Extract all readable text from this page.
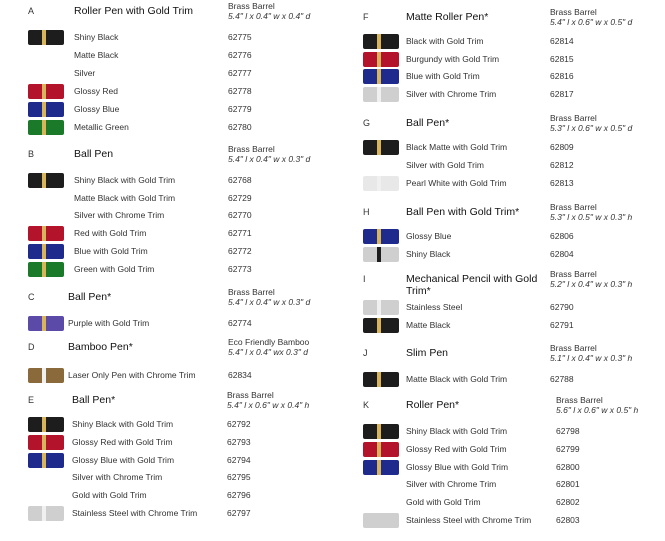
A	Roller Pen with Gold Trim	Brass Barrel
5.4" l x 0.4" w x 0.4" d
Shiny Black	62775
Matte Black	62776
Silver	62777
Glossy Red	62778
Glossy Blue	62779
Metallic Green	62780
B	Ball Pen	Brass Barrel
5.4" l x 0.4" w x 0.3" d
Shiny Black with Gold Trim	62768
Matte Black with Gold Trim	62729
Silver with Chrome Trim	62770
Red with Gold Trim	62771
Blue with Gold Trim	62772
Green with Gold Trim	62773
C	Ball Pen*	Brass Barrel
5.4" l x 0.4" w x 0.3" d
Purple with Gold Trim	62774
D	Bamboo Pen*	Eco Friendly Bamboo
5.4" l x 0.4" wx 0.3" d
Laser Only Pen with Chrome Trim	62834
E	Ball Pen*	Brass Barrel
5.4" l x 0.6" w x 0.4" h
Shiny Black with Gold Trim	62792
Glossy Red with Gold Trim	62793
Glossy Blue with Gold Trim	62794
Silver with Chrome Trim	62795
Gold with Gold Trim	62796
Stainless Steel with Chrome Trim	62797
F	Matte Roller Pen*	Brass Barrel
5.4" l x 0.6" w x 0.5" d
Black with Gold Trim	62814
Burgundy with Gold Trim	62815
Blue with Gold Trim	62816
Silver with Chrome Trim	62817
G	Ball Pen*	Brass Barrel
5.3" l x 0.6" w x 0.5" d
Black Matte with Gold Trim	62809
Silver with Gold Trim	62812
Pearl White with Gold Trim	62813
H	Ball Pen with Gold Trim*	Brass Barrel
5.3" l x 0.5" w x 0.3" h
Glossy Blue	62806
Shiny Black	62804
I	Mechanical Pencil with Gold
Trim*
Brass Barrel
5.2" l x 0.4" w x 0.3" h
Stainless Steel	62790
Matte Black	62791
J	Slim Pen	Brass Barrel
5.1" l x 0.4" w x 0.3" h
Matte Black with Gold Trim	62788
K	Roller Pen*	Brass Barrel
5.6" l x 0.6" w x 0.5" h
Shiny Black with Gold Trim	62798
Glossy Red with Gold Trim	62799
Glossy Blue with Gold Trim	62800
Silver with Chrome Trim	62801
Gold with Gold Trim	62802
Stainless Steel with Chrome Trim	62803
